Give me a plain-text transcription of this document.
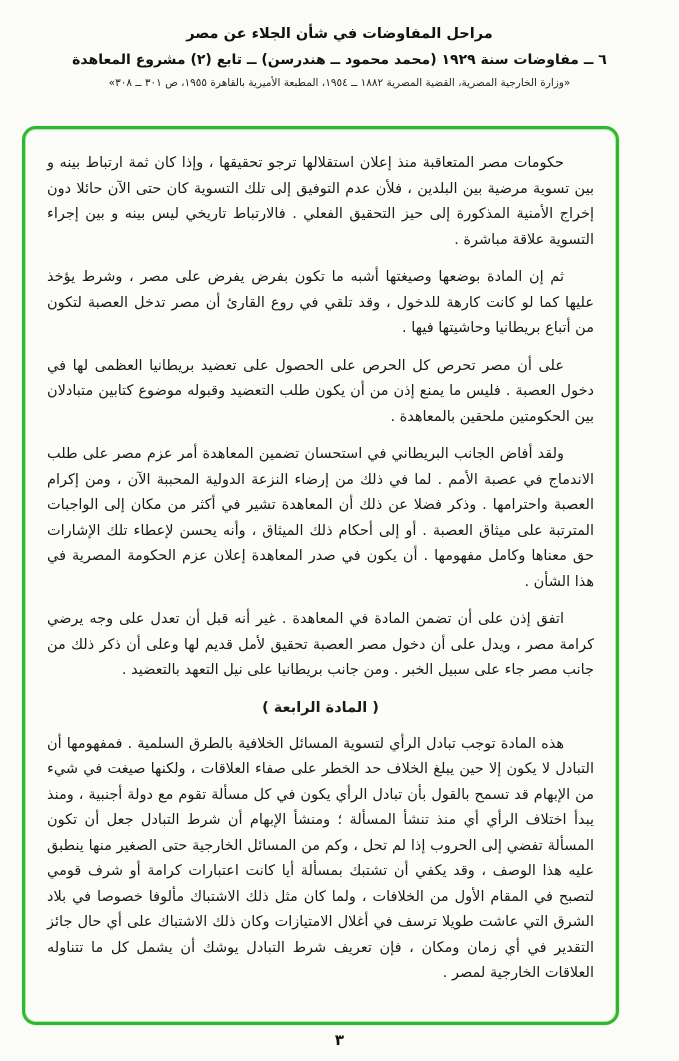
مراحل المفاوضات في شأن الجلاء عن مصر
٦ ــ مفاوضات سنة ١٩٢٩ (محمد محمود ــ هندرسن) ــ تابع (٢) مشروع المعاهدة
«وزارة الخارجية المصرية، القضية المصرية ١٨٨٢ ــ ١٩٥٤، المطبعة الأميرية بالقاهرة ١٩٥٥، ص ٣٠١ ــ ٣٠٨»

حكومات مصر المتعاقبة منذ إعلان استقلالها ترجو تحقيقها ، وإذا كان ثمة ارتباط بينه و بين تسوية مرضية بين البلدين ، فلأن عدم التوفيق إلى تلك التسوية كان حتى الآن حائلا دون إخراج الأمنية المذكورة إلى حيز التحقيق الفعلي . فالارتباط تاريخي ليس بينه و بين إجراء التسوية علاقة مباشرة .

ثم إن المادة بوضعها وصيغتها أشبه ما تكون بفرض يفرض على مصر ، وشرط يؤخذ عليها كما لو كانت كارهة للدخول ، وقد تلقي في روع القارئ أن مصر تدخل العصبة لتكون من أتباع بريطانيا وحاشيتها فيها .

على أن مصر تحرص كل الحرص على الحصول على تعضيد بريطانيا العظمى لها في دخول العصبة . فليس ما يمنع إذن من أن يكون طلب التعضيد وقبوله موضوع كتابين متبادلان بين الحكومتين ملحقين بالمعاهدة .

ولقد أفاض الجانب البريطاني في استحسان تضمين المعاهدة أمر عزم مصر على طلب الاندماج في عصبة الأمم . لما في ذلك من إرضاء النزعة الدولية المحببة الآن ، ومن إكرام العصبة واحترامها . وذكر فضلا عن ذلك أن المعاهدة تشير في أكثر من مكان إلى الواجبات المترتبة على ميثاق العصبة . أو إلى أحكام ذلك الميثاق ، وأنه يحسن لإعطاء تلك الإشارات حق معناها وكامل مفهومها . أن يكون في صدر المعاهدة إعلان عزم الحكومة المصرية في هذا الشأن .

اتفق إذن على أن تضمن المادة في المعاهدة . غير أنه قبل أن تعدل على وجه يرضي كرامة مصر ، ويدل على أن دخول مصر العصبة تحقيق لأمل قديم لها وعلى أن ذكر ذلك من جانب مصر جاء على سبيل الخبر . ومن جانب بريطانيا على نيل التعهد بالتعضيد .

( المادة الرابعة )

هذه المادة توجب تبادل الرأي لتسوية المسائل الخلافية بالطرق السلمية . فمفهومها أن التبادل لا يكون إلا حين يبلغ الخلاف حد الخطر على صفاء العلاقات ، ولكنها صيغت في شيء من الإبهام قد تسمح بالقول بأن تبادل الرأي يكون في كل مسألة تقوم مع دولة أجنبية ، ومنذ يبدأ اختلاف الرأي أي منذ تنشأ المسألة ؛ ومنشأ الإبهام أن شرط التبادل جعل أن تكون المسألة تفضي إلى الحروب إذا لم تحل ، وكم من المسائل الخارجية حتى الصغير منها ينطبق عليه هذا الوصف ، وقد يكفي أن تشتبك بمسألة أيا كانت اعتبارات كرامة أو شرف قومي لتصبح في المقام الأول من الخلافات ، ولما كان مثل ذلك الاشتباك مألوفا خصوصا في بلاد الشرق التي عاشت طويلا ترسف في أغلال الامتيازات وكان ذلك الاشتباك على أي حال جائز التقدير في أي زمان ومكان ، فإن تعريف شرط التبادل يوشك أن يشمل كل ما تتناوله العلاقات الخارجية لمصر .

٣
